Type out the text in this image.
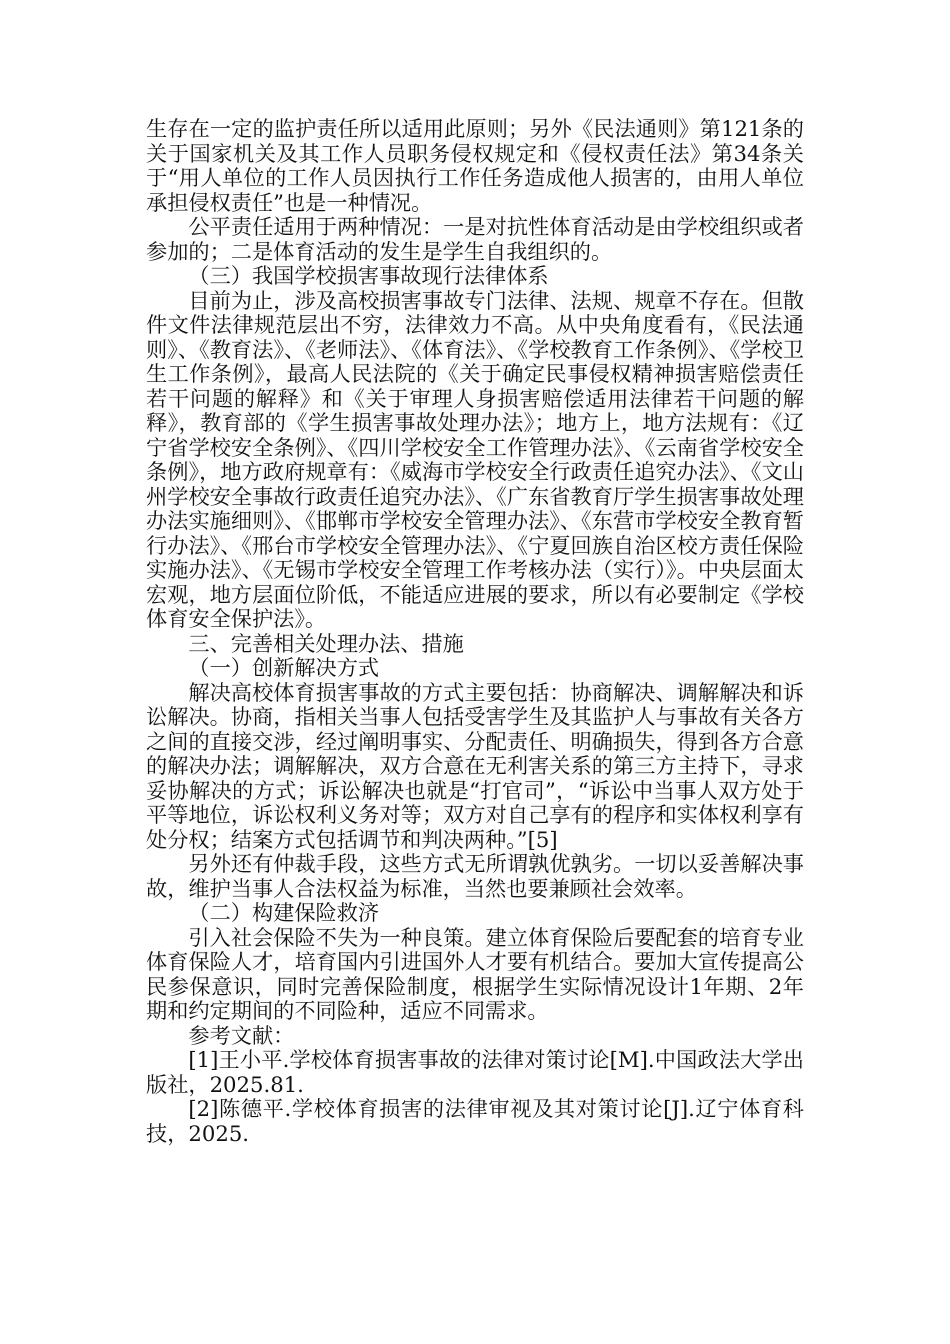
生存在一定的监护责任所以适用此原则；另外《民法通则》第121条的关于国家机关及其工作人员职务侵权规定和《侵权责任法》第34条关于“用人单位的工作人员因执行工作任务造成他人损害的，由用人单位承担侵权责任”也是一种情况。

公平责任适用于两种情况：一是对抗性体育活动是由学校组织或者参加的；二是体育活动的发生是学生自我组织的。

（三）我国学校损害事故现行法律体系

目前为止，涉及高校损害事故专门法律、法规、规章不存在。但散件文件法律规范层出不穷，法律效力不高。从中央角度看有，《民法通则》、《教育法》、《老师法》、《体育法》、《学校教育工作条例》、《学校卫生工作条例》，最高人民法院的《关于确定民事侵权精神损害赔偿责任若干问题的解释》和《关于审理人身损害赔偿适用法律若干问题的解释》，教育部的《学生损害事故处理办法》；地方上，地方法规有：《辽宁省学校安全条例》、《四川学校安全工作管理办法》、《云南省学校安全条例》，地方政府规章有：《威海市学校安全行政责任追究办法》、《文山州学校安全事故行政责任追究办法》、《广东省教育厅学生损害事故处理办法实施细则》、《邯郸市学校安全管理办法》、《东营市学校安全教育暂行办法》、《邢台市学校安全管理办法》、《宁夏回族自治区校方责任保险实施办法》、《无锡市学校安全管理工作考核办法（实行）》。中央层面太宏观，地方层面位阶低，不能适应进展的要求，所以有必要制定《学校体育安全保护法》。

三、完善相关处理办法、措施

（一）创新解决方式

解决高校体育损害事故的方式主要包括：协商解决、调解解决和诉讼解决。协商，指相关当事人包括受害学生及其监护人与事故有关各方之间的直接交涉，经过阐明事实、分配责任、明确损失，得到各方合意的解决办法；调解解决，双方合意在无利害关系的第三方主持下，寻求妥协解决的方式；诉讼解决也就是“打官司”，“诉讼中当事人双方处于平等地位，诉讼权利义务对等；双方对自己享有的程序和实体权利享有处分权；结案方式包括调节和判决两种。”[5]

另外还有仲裁手段，这些方式无所谓孰优孰劣。一切以妥善解决事故，维护当事人合法权益为标准，当然也要兼顾社会效率。

（二）构建保险救济

引入社会保险不失为一种良策。建立体育保险后要配套的培育专业体育保险人才，培育国内引进国外人才要有机结合。要加大宣传提高公民参保意识，同时完善保险制度，根据学生实际情况设计1年期、2年期和约定期间的不同险种，适应不同需求。

参考文献：

[1]王小平.学校体育损害事故的法律对策讨论[M].中国政法大学出版社，2025.81.

[2]陈德平.学校体育损害的法律审视及其对策讨论[J].辽宁体育科技，2025.
